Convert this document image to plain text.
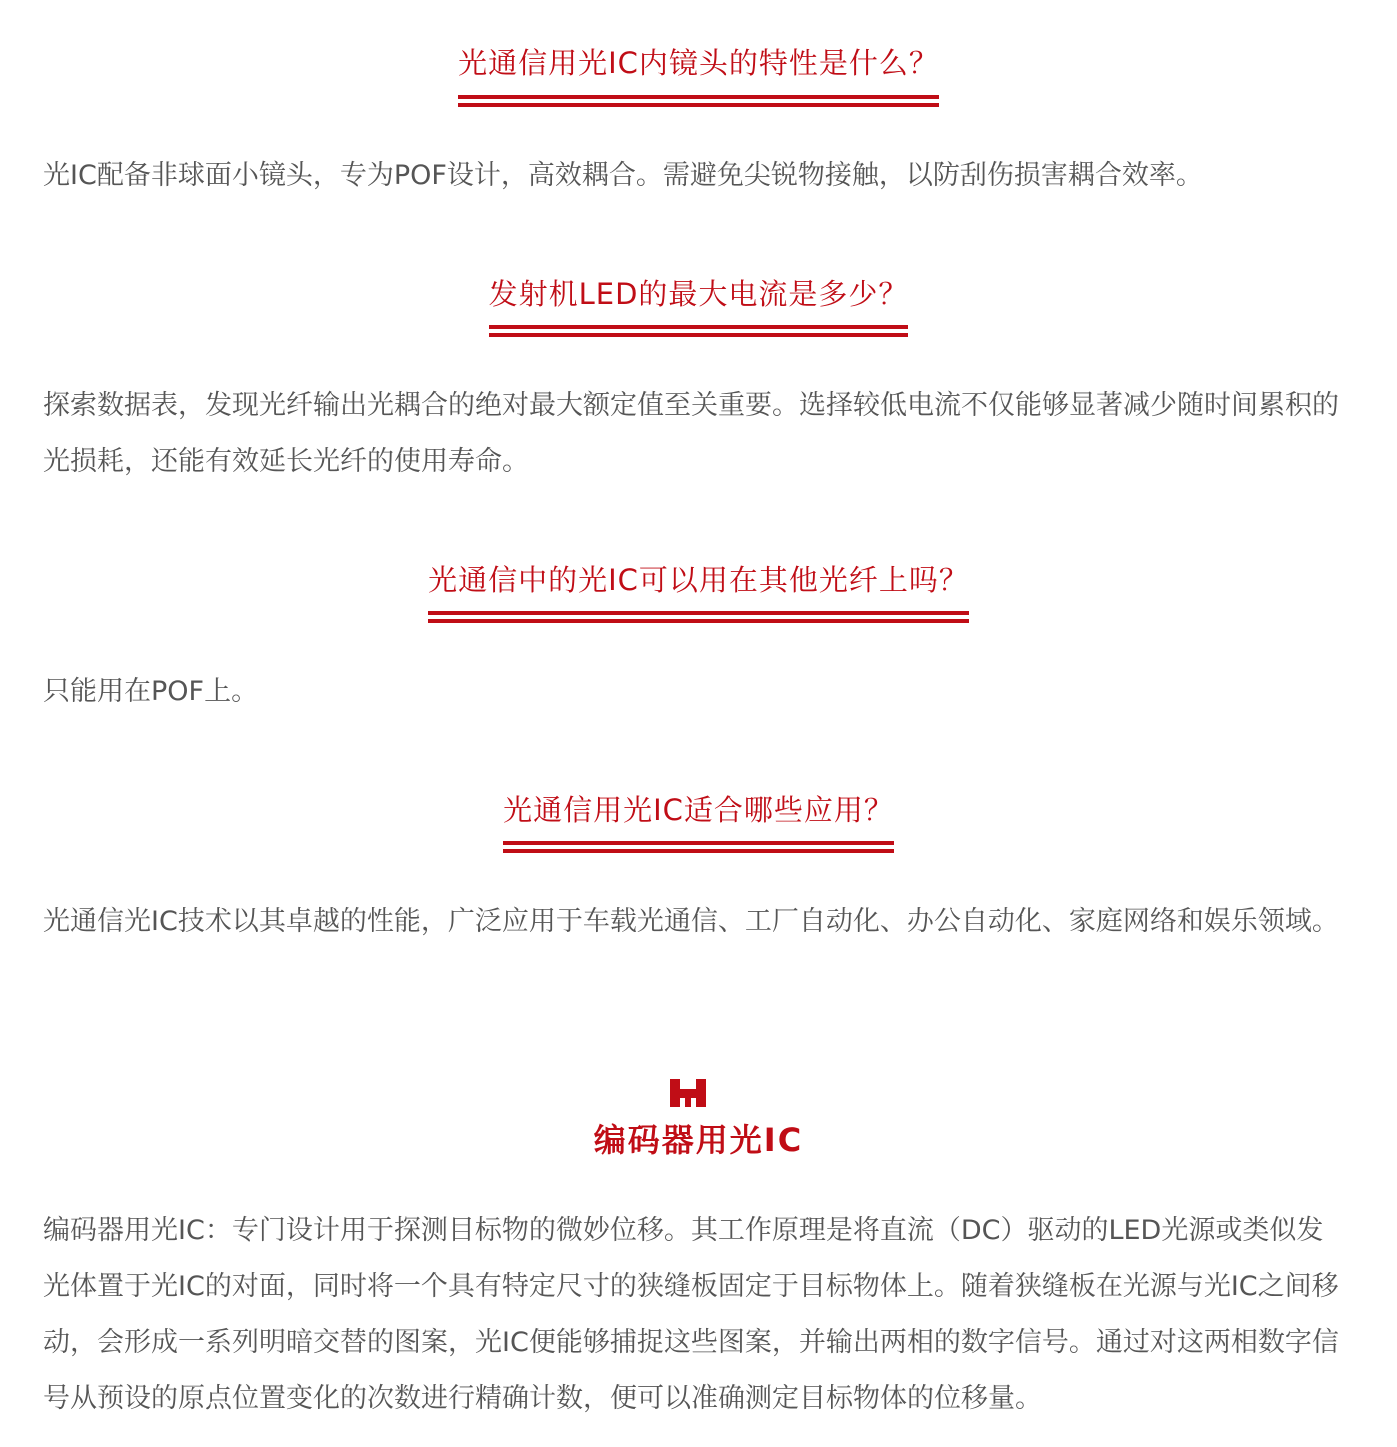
光通信用光IC内镜头的特性是什么？

光IC配备非球面小镜头，专为POF设计，高效耦合。需避免尖锐物接触，以防刮伤损害耦合效率。

发射机LED的最大电流是多少？

探索数据表，发现光纤输出光耦合的绝对最大额定值至关重要。选择较低电流不仅能够显著减少随时间累积的光损耗，还能有效延长光纤的使用寿命。

光通信中的光IC可以用在其他光纤上吗？

只能用在POF上。

光通信用光IC适合哪些应用？

光通信光IC技术以其卓越的性能，广泛应用于车载光通信、工厂自动化、办公自动化、家庭网络和娱乐领域。

编码器用光IC

编码器用光IC：专门设计用于探测目标物的微妙位移。其工作原理是将直流（DC）驱动的LED光源或类似发光体置于光IC的对面，同时将一个具有特定尺寸的狭缝板固定于目标物体上。随着狭缝板在光源与光IC之间移动，会形成一系列明暗交替的图案，光IC便能够捕捉这些图案，并输出两相的数字信号。通过对这两相数字信号从预设的原点位置变化的次数进行精确计数，便可以准确测定目标物体的位移量。
